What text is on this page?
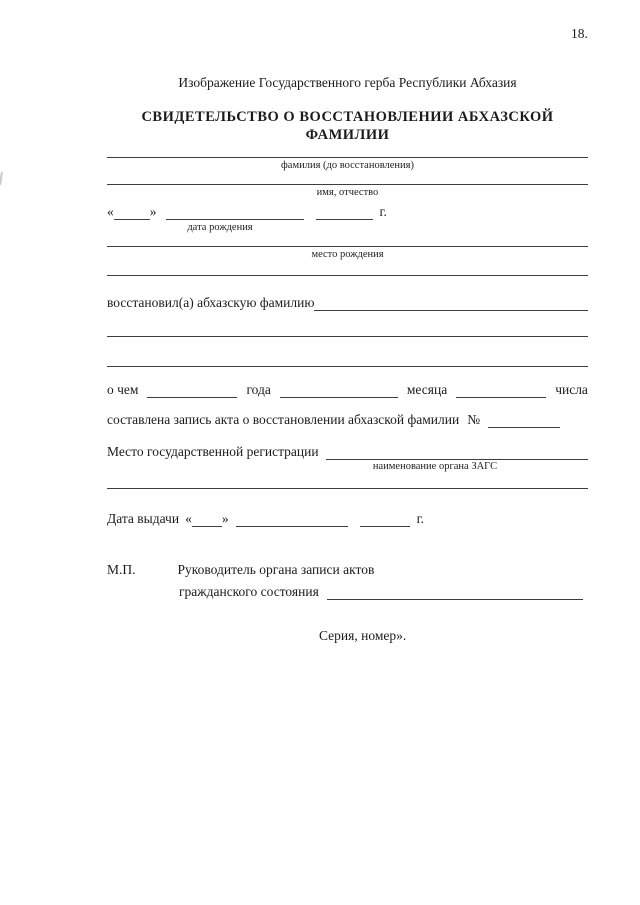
18.
Изображение Государственного герба Республики Абхазия
СВИДЕТЕЛЬСТВО О ВОССТАНОВЛЕНИИ АБХАЗСКОЙ ФАМИЛИИ
фамилия (до восстановления)
имя, отчество
«	»	г.
дата рождения
место рождения
восстановил(а) абхазскую фамилию
о чем	года	месяца	числа
составлена запись акта о восстановлении абхазской фамилии №
Место государственной регистрации
наименование органа ЗАГС
Дата выдачи « »	г.
М.П.	Руководитель органа записи актов
гражданского состояния
Серия, номер».
